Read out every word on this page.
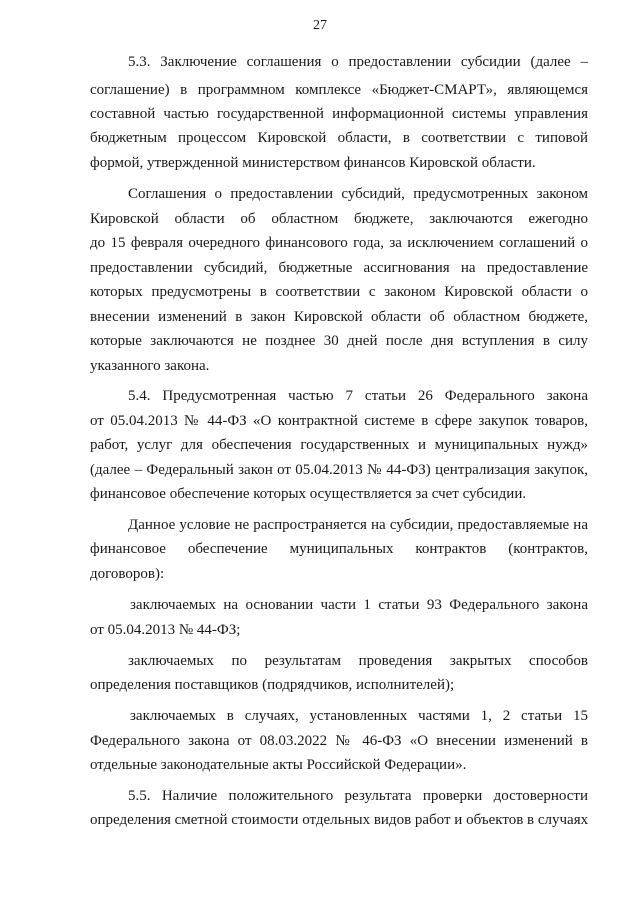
27
5.3. Заключение соглашения о предоставлении субсидии (далее –
соглашение) в программном комплексе «Бюджет-СМАРТ», являющемся
составной частью государственной информационной системы управления
бюджетным процессом Кировской области, в соответствии с типовой
формой, утвержденной министерством финансов Кировской области.
Соглашения о предоставлении субсидий, предусмотренных законом
Кировской области об областном бюджете, заключаются ежегодно
до 15 февраля очередного финансового года, за исключением соглашений о
предоставлении субсидий, бюджетные ассигнования на предоставление
которых предусмотрены в соответствии с законом Кировской области о
внесении изменений в закон Кировской области об областном бюджете,
которые заключаются не позднее 30 дней после дня вступления в силу
указанного закона.
5.4. Предусмотренная частью 7 статьи 26 Федерального закона
от 05.04.2013 № 44-ФЗ «О контрактной системе в сфере закупок товаров,
работ, услуг для обеспечения государственных и муниципальных нужд»
(далее – Федеральный закон от 05.04.2013 № 44-ФЗ) централизация закупок,
финансовое обеспечение которых осуществляется за счет субсидии.
Данное условие не распространяется на субсидии, предоставляемые на
финансовое обеспечение муниципальных контрактов (контрактов,
договоров):
заключаемых на основании части 1 статьи 93 Федерального закона
от 05.04.2013 № 44-ФЗ;
заключаемых по результатам проведения закрытых способов
определения поставщиков (подрядчиков, исполнителей);
заключаемых в случаях, установленных частями 1, 2 статьи 15
Федерального закона от 08.03.2022 № 46-ФЗ «О внесении изменений в
отдельные законодательные акты Российской Федерации».
5.5. Наличие положительного результата проверки достоверности
определения сметной стоимости отдельных видов работ и объектов в случаях
